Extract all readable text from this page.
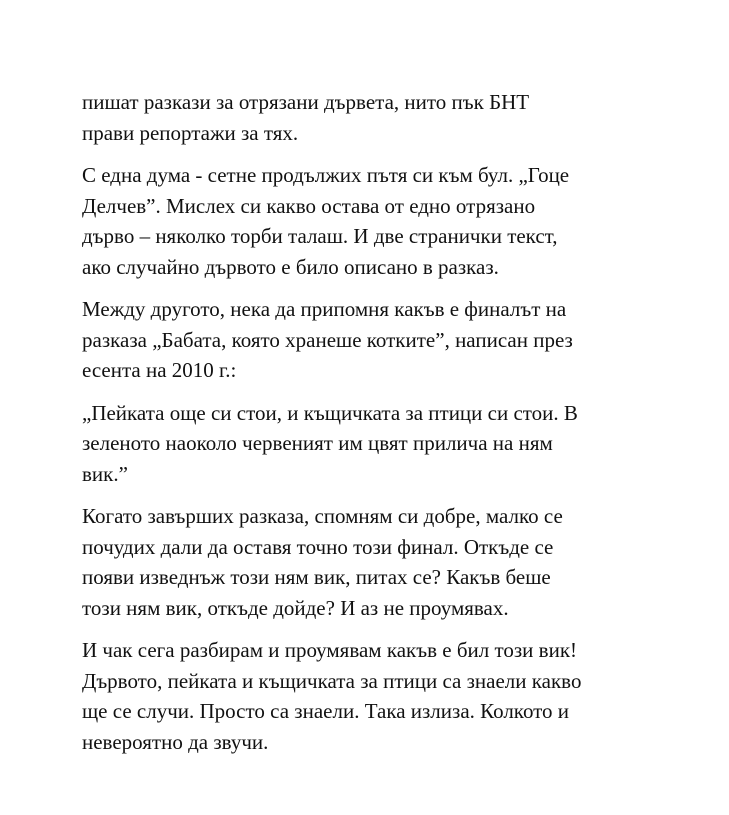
пишат разкази за отрязани дървета, нито пък БНТ
прави репортажи за тях.

С една дума - сетне продължих пътя си към бул. „Гоце
Делчев”. Мислех си какво остава от едно отрязано
дърво – няколко торби талаш. И две странички текст,
ако случайно дървото е било описано в разказ.

Между другото, нека да припомня какъв е финалът на
разказа „Бабата, която хранеше котките”, написан през
есента на 2010 г.:

„Пейката още си стои, и къщичката за птици си стои. В
зеленото наоколо червеният им цвят прилича на ням
вик.”

Когато завърших разказа, спомням си добре, малко се
почудих дали да оставя точно този финал. Откъде се
появи изведнъж този ням вик, питах се? Какъв беше
този ням вик, откъде дойде? И аз не проумявах.

И чак сега разбирам и проумявам какъв е бил този вик!
Дървото, пейката и къщичката за птици са знаели какво
ще се случи. Просто са знаели. Така излиза. Колкото и
невероятно да звучи.
